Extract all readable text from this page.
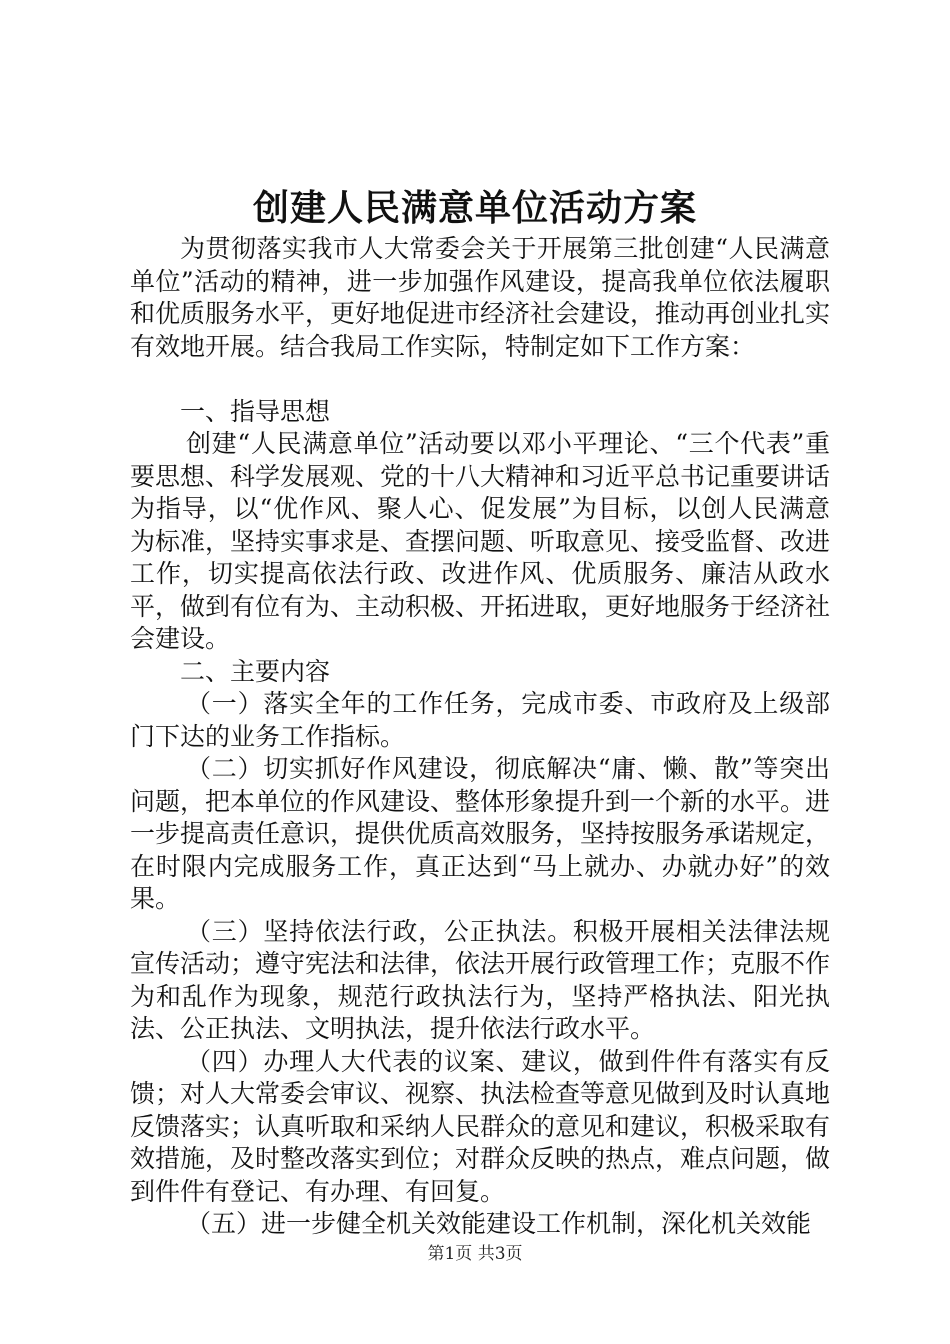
创建人民满意单位活动方案

为贯彻落实我市人大常委会关于开展第三批创建“人民满意单位”活动的精神，进一步加强作风建设，提高我单位依法履职和优质服务水平，更好地促进市经济社会建设，推动再创业扎实有效地开展。结合我局工作实际，特制定如下工作方案：

一、指导思想

创建“人民满意单位”活动要以邓小平理论、“三个代表”重要思想、科学发展观、党的十八大精神和习近平总书记重要讲话为指导，以“优作风、聚人心、促发展”为目标，以创人民满意为标准，坚持实事求是、查摆问题、听取意见、接受监督、改进工作，切实提高依法行政、改进作风、优质服务、廉洁从政水平，做到有位有为、主动积极、开拓进取，更好地服务于经济社会建设。

二、主要内容

（一）落实全年的工作任务，完成市委、市政府及上级部门下达的业务工作指标。

（二）切实抓好作风建设，彻底解决“庸、懒、散”等突出问题，把本单位的作风建设、整体形象提升到一个新的水平。进一步提高责任意识，提供优质高效服务，坚持按服务承诺规定，在时限内完成服务工作，真正达到“马上就办、办就办好”的效果。

（三）坚持依法行政，公正执法。积极开展相关法律法规宣传活动；遵守宪法和法律，依法开展行政管理工作；克服不作为和乱作为现象，规范行政执法行为，坚持严格执法、阳光执法、公正执法、文明执法，提升依法行政水平。

（四）办理人大代表的议案、建议，做到件件有落实有反馈；对人大常委会审议、视察、执法检查等意见做到及时认真地反馈落实；认真听取和采纳人民群众的意见和建议，积极采取有效措施，及时整改落实到位；对群众反映的热点，难点问题，做到件件有登记、有办理、有回复。

（五）进一步健全机关效能建设工作机制，深化机关效能

第1页 共3页
